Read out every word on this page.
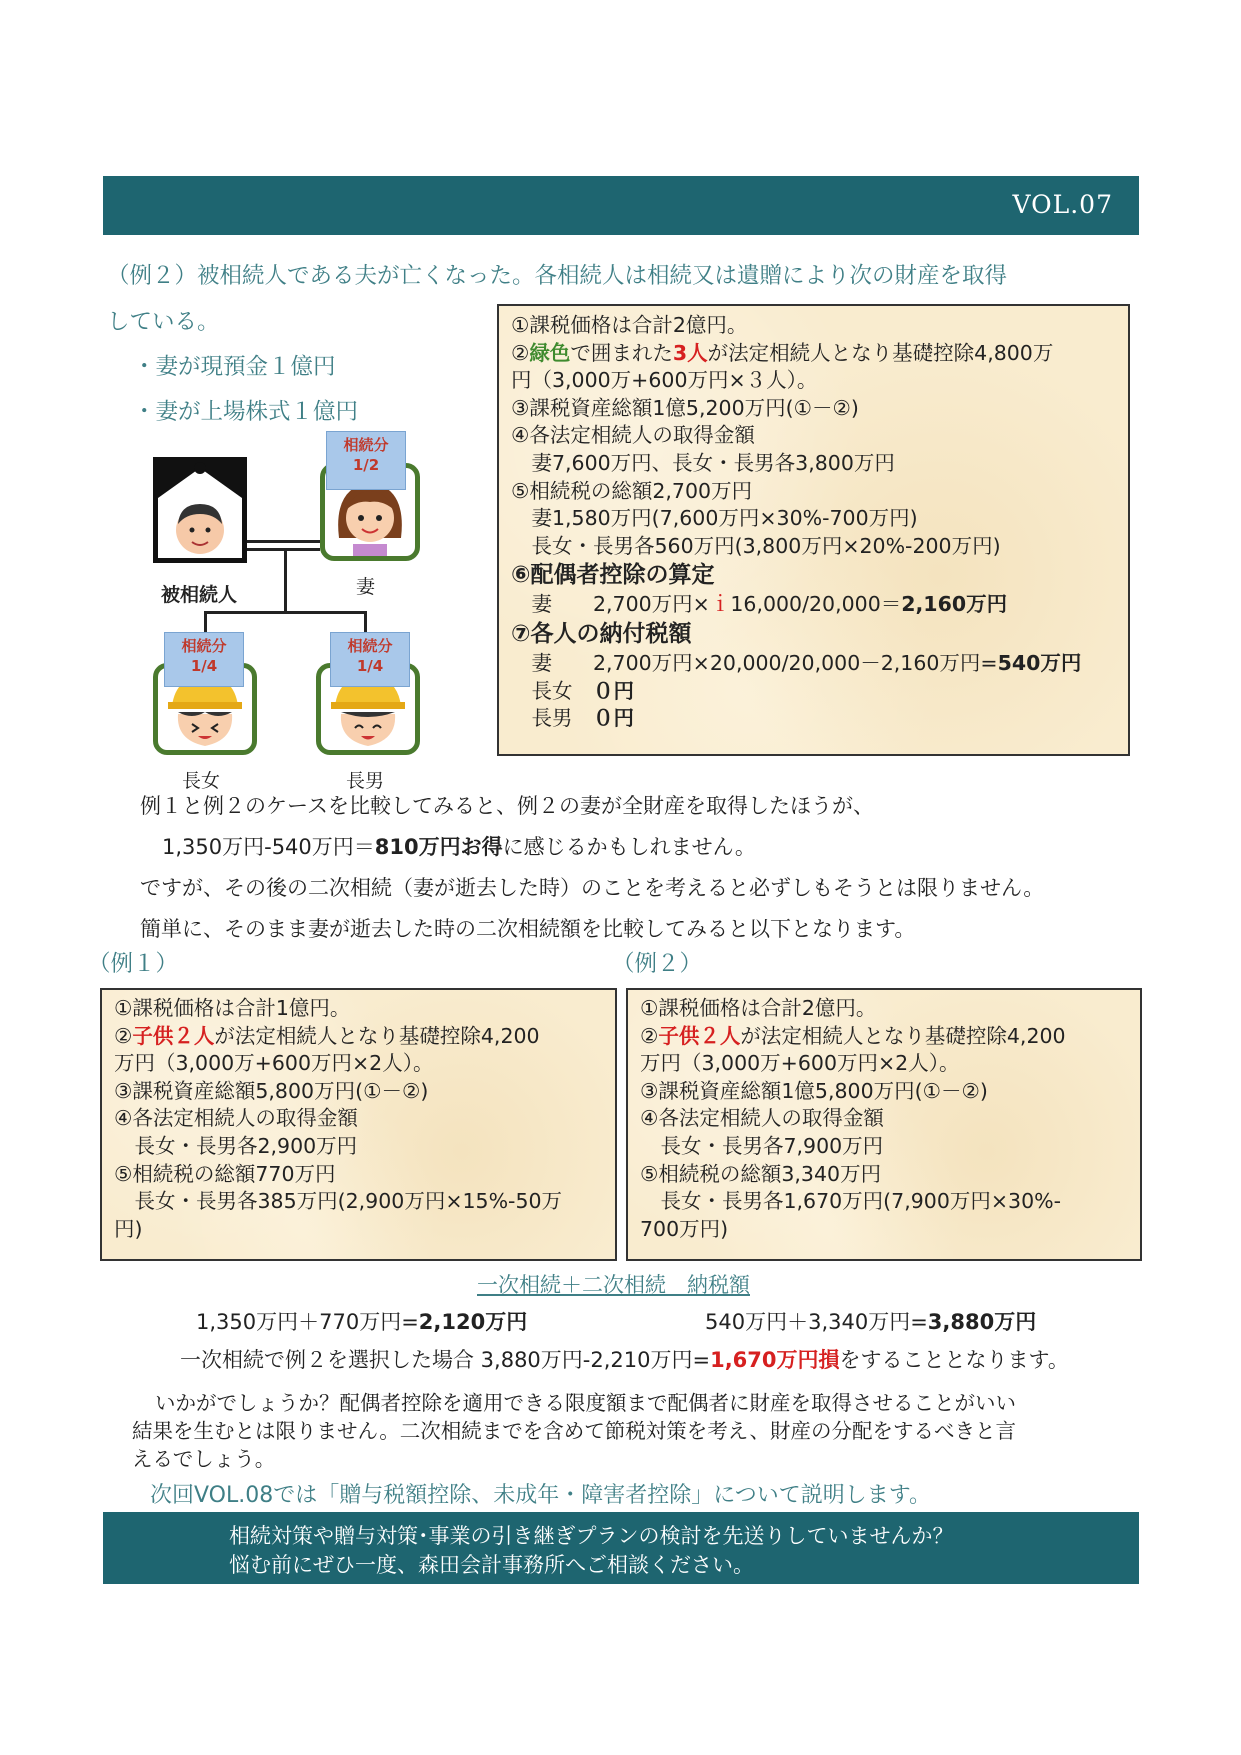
VOL.07
（例２）被相続人である夫が亡くなった。各相続人は相続又は遺贈により次の財産を取得
している。
・妻が現預金１億円
・妻が上場株式１億円
被相続人
相続分
1/2
妻
相続分
1/4
長女
相続分
1/4
長男
①課税価格は合計2億円。
②緑色で囲まれた3人が法定相続人となり基礎控除4,800万
円（3,000万+600万円×３人）。
③課税資産総額1億5,200万円(①－②)
④各法定相続人の取得金額
　妻7,600万円、長女・長男各3,800万円
⑤相続税の総額2,700万円
　妻1,580万円(7,600万円×30%-700万円)
　長女・長男各560万円(3,800万円×20%-200万円)
⑥配偶者控除の算定
　妻　　2,700万円×ｉ16,000/20,000＝2,160万円
⑦各人の納付税額
　妻　　2,700万円×20,000/20,000－2,160万円=540万円
　長女　０円
　長男　０円
例１と例２のケースを比較してみると、例２の妻が全財産を取得したほうが、
1,350万円-540万円＝810万円お得に感じるかもしれません。
ですが、その後の二次相続（妻が逝去した時）のことを考えると必ずしもそうとは限りません。
簡単に、そのまま妻が逝去した時の二次相続額を比較してみると以下となります。
（例１）	（例２）
①課税価格は合計1億円。
②子供２人が法定相続人となり基礎控除4,200
万円（3,000万+600万円×2人）。
③課税資産総額5,800万円(①－②)
④各法定相続人の取得金額
　長女・長男各2,900万円
⑤相続税の総額770万円
　長女・長男各385万円(2,900万円×15%-50万
円)
①課税価格は合計2億円。
②子供２人が法定相続人となり基礎控除4,200
万円（3,000万+600万円×2人）。
③課税資産総額1億5,800万円(①－②)
④各法定相続人の取得金額
　長女・長男各7,900万円
⑤相続税の総額3,340万円
　長女・長男各1,670万円(7,900万円×30%-
700万円)
一次相続＋二次相続　納税額
1,350万円＋770万円=2,120万円	540万円＋3,340万円=3,880万円
一次相続で例２を選択した場合 3,880万円-2,210万円=1,670万円損をすることとなります。
いかがでしょうか？配偶者控除を適用できる限度額まで配偶者に財産を取得させることがいい
結果を生むとは限りません。二次相続までを含めて節税対策を考え、財産の分配をするべきと言
えるでしょう。
次回VOL.08では「贈与税額控除、未成年・障害者控除」について説明します。
相続対策や贈与対策･事業の引き継ぎプランの検討を先送りしていませんか？
悩む前にぜひ一度、森田会計事務所へご相談ください。
